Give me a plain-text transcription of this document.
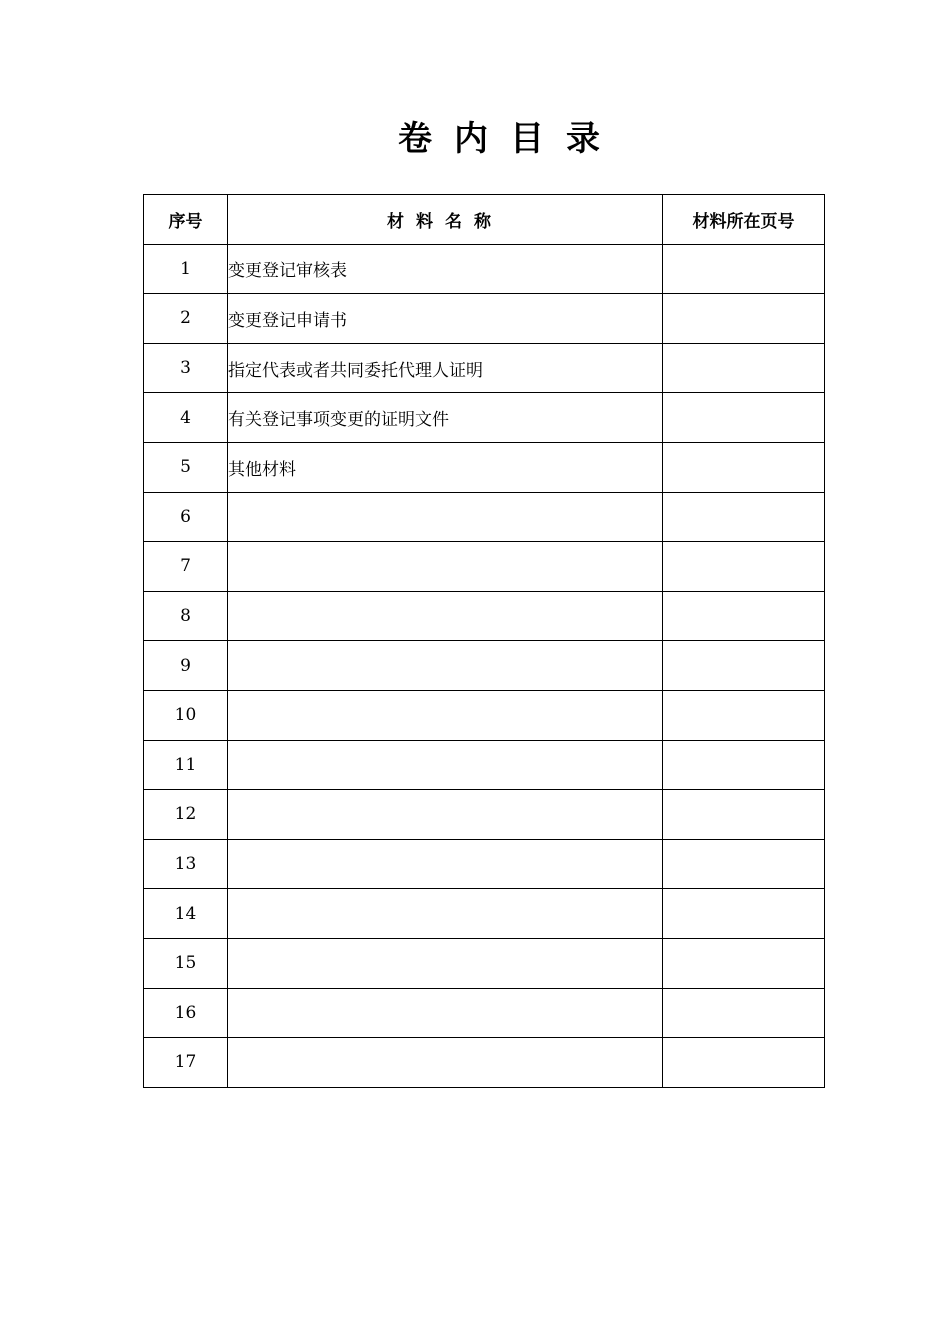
卷内目录
序号	材料名称	材料所在页号
1	变更登记审核表	
2	变更登记申请书	
3	指定代表或者共同委托代理人证明	
4	有关登记事项变更的证明文件	
5	其他材料	
6		
7		
8		
9		
10		
11		
12		
13		
14		
15		
16		
17		
